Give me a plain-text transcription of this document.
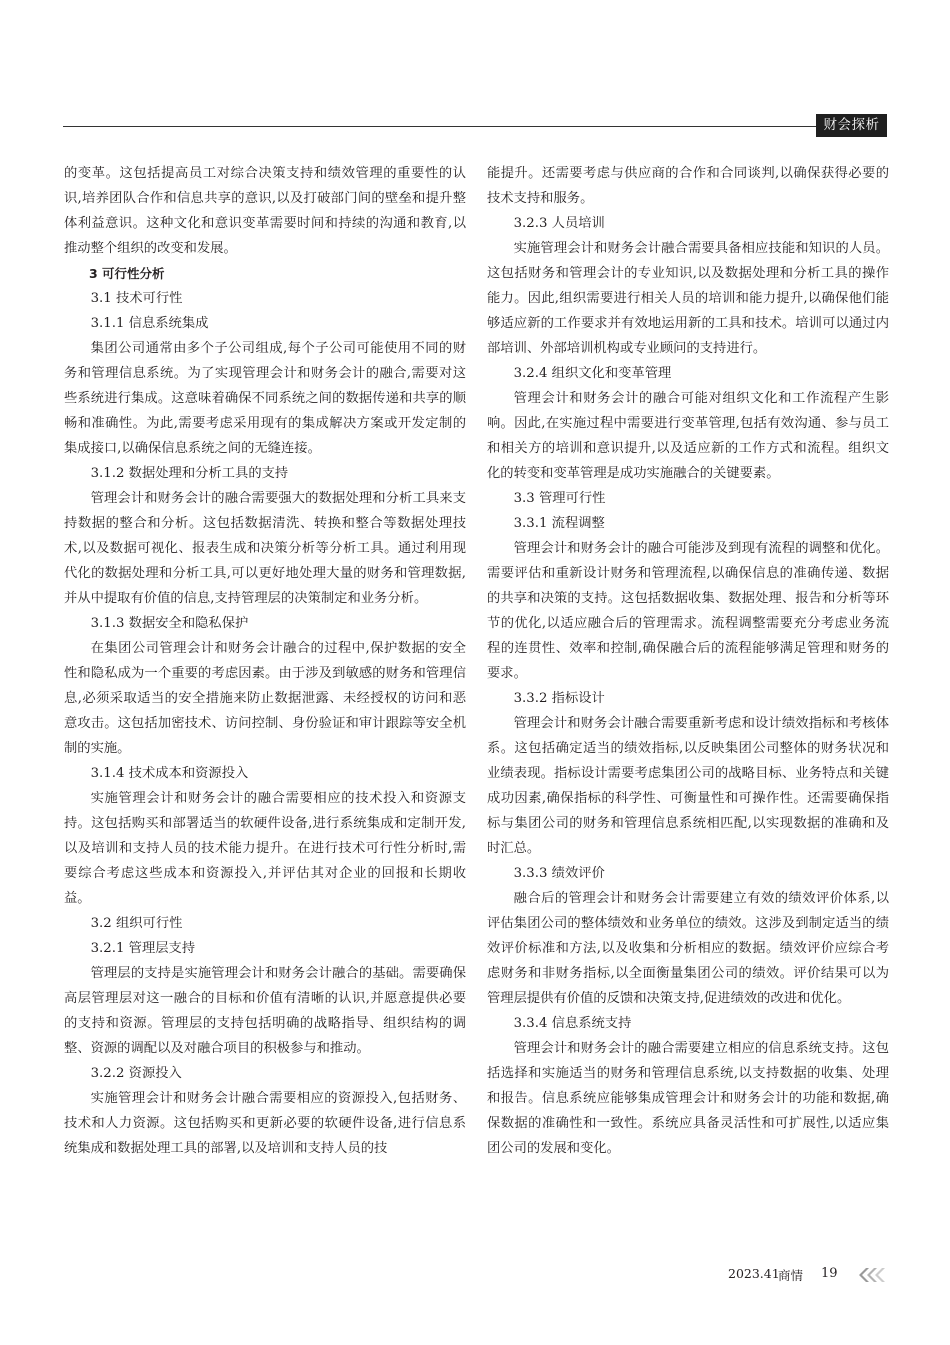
财会探析

的变革。这包括提高员工对综合决策支持和绩效管理的重要性的认识,培养团队合作和信息共享的意识,以及打破部门间的壁垒和提升整体利益意识。这种文化和意识变革需要时间和持续的沟通和教育,以推动整个组织的改变和发展。

3 可行性分析

3.1 技术可行性

3.1.1 信息系统集成

集团公司通常由多个子公司组成,每个子公司可能使用不同的财务和管理信息系统。为了实现管理会计和财务会计的融合,需要对这些系统进行集成。这意味着确保不同系统之间的数据传递和共享的顺畅和准确性。为此,需要考虑采用现有的集成解决方案或开发定制的集成接口,以确保信息系统之间的无缝连接。

3.1.2 数据处理和分析工具的支持

管理会计和财务会计的融合需要强大的数据处理和分析工具来支持数据的整合和分析。这包括数据清洗、转换和整合等数据处理技术,以及数据可视化、报表生成和决策分析等分析工具。通过利用现代化的数据处理和分析工具,可以更好地处理大量的财务和管理数据,并从中提取有价值的信息,支持管理层的决策制定和业务分析。

3.1.3 数据安全和隐私保护

在集团公司管理会计和财务会计融合的过程中,保护数据的安全性和隐私成为一个重要的考虑因素。由于涉及到敏感的财务和管理信息,必须采取适当的安全措施来防止数据泄露、未经授权的访问和恶意攻击。这包括加密技术、访问控制、身份验证和审计跟踪等安全机制的实施。

3.1.4 技术成本和资源投入

实施管理会计和财务会计的融合需要相应的技术投入和资源支持。这包括购买和部署适当的软硬件设备,进行系统集成和定制开发,以及培训和支持人员的技术能力提升。在进行技术可行性分析时,需要综合考虑这些成本和资源投入,并评估其对企业的回报和长期收益。

3.2 组织可行性

3.2.1 管理层支持

管理层的支持是实施管理会计和财务会计融合的基础。需要确保高层管理层对这一融合的目标和价值有清晰的认识,并愿意提供必要的支持和资源。管理层的支持包括明确的战略指导、组织结构的调整、资源的调配以及对融合项目的积极参与和推动。

3.2.2 资源投入

实施管理会计和财务会计融合需要相应的资源投入,包括财务、技术和人力资源。这包括购买和更新必要的软硬件设备,进行信息系统集成和数据处理工具的部署,以及培训和支持人员的技

能提升。还需要考虑与供应商的合作和合同谈判,以确保获得必要的技术支持和服务。

3.2.3 人员培训

实施管理会计和财务会计融合需要具备相应技能和知识的人员。这包括财务和管理会计的专业知识,以及数据处理和分析工具的操作能力。因此,组织需要进行相关人员的培训和能力提升,以确保他们能够适应新的工作要求并有效地运用新的工具和技术。培训可以通过内部培训、外部培训机构或专业顾问的支持进行。

3.2.4 组织文化和变革管理

管理会计和财务会计的融合可能对组织文化和工作流程产生影响。因此,在实施过程中需要进行变革管理,包括有效沟通、参与员工和相关方的培训和意识提升,以及适应新的工作方式和流程。组织文化的转变和变革管理是成功实施融合的关键要素。

3.3 管理可行性

3.3.1 流程调整

管理会计和财务会计的融合可能涉及到现有流程的调整和优化。需要评估和重新设计财务和管理流程,以确保信息的准确传递、数据的共享和决策的支持。这包括数据收集、数据处理、报告和分析等环节的优化,以适应融合后的管理需求。流程调整需要充分考虑业务流程的连贯性、效率和控制,确保融合后的流程能够满足管理和财务的要求。

3.3.2 指标设计

管理会计和财务会计融合需要重新考虑和设计绩效指标和考核体系。这包括确定适当的绩效指标,以反映集团公司整体的财务状况和业绩表现。指标设计需要考虑集团公司的战略目标、业务特点和关键成功因素,确保指标的科学性、可衡量性和可操作性。还需要确保指标与集团公司的财务和管理信息系统相匹配,以实现数据的准确和及时汇总。

3.3.3 绩效评价

融合后的管理会计和财务会计需要建立有效的绩效评价体系,以评估集团公司的整体绩效和业务单位的绩效。这涉及到制定适当的绩效评价标准和方法,以及收集和分析相应的数据。绩效评价应综合考虑财务和非财务指标,以全面衡量集团公司的绩效。评价结果可以为管理层提供有价值的反馈和决策支持,促进绩效的改进和优化。

3.3.4 信息系统支持

管理会计和财务会计的融合需要建立相应的信息系统支持。这包括选择和实施适当的财务和管理信息系统,以支持数据的收集、处理和报告。信息系统应能够集成管理会计和财务会计的功能和数据,确保数据的准确性和一致性。系统应具备灵活性和可扩展性,以适应集团公司的发展和变化。

2023.41
商情 19
